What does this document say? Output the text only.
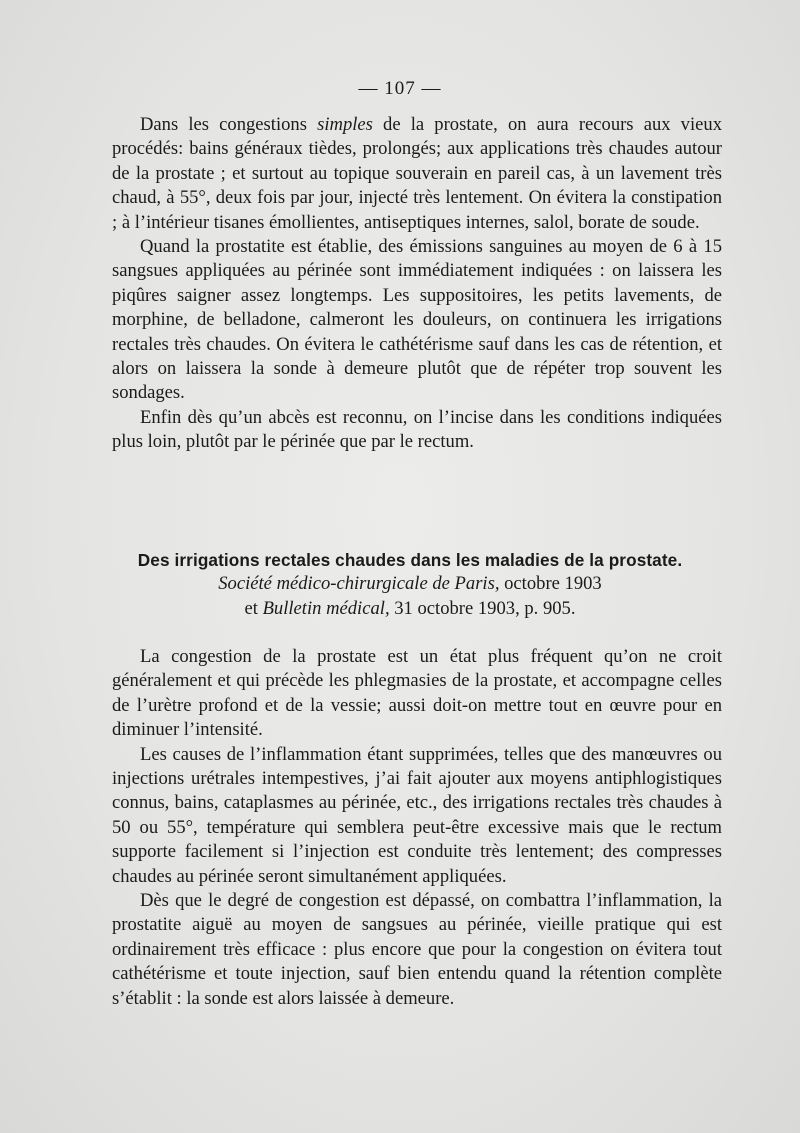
— 107 —

Dans les congestions simples de la prostate, on aura recours aux vieux procédés: bains généraux tièdes, prolongés; aux applications très chaudes autour de la prostate ; et surtout au topique souverain en pareil cas, à un lavement très chaud, à 55°, deux fois par jour, injecté très lentement. On évitera la constipation ; à l’intérieur tisanes émollientes, antiseptiques internes, salol, borate de soude.

Quand la prostatite est établie, des émissions sanguines au moyen de 6 à 15 sangsues appliquées au périnée sont immédiatement indiquées : on laissera les piqûres saigner assez longtemps. Les suppositoires, les petits lavements, de morphine, de belladone, calmeront les douleurs, on continuera les irrigations rectales très chaudes. On évitera le cathétérisme sauf dans les cas de rétention, et alors on laissera la sonde à demeure plutôt que de répéter trop souvent les sondages.

Enfin dès qu’un abcès est reconnu, on l’incise dans les conditions indiquées plus loin, plutôt par le périnée que par le rectum.

Des irrigations rectales chaudes dans les maladies de la prostate.
Société médico-chirurgicale de Paris, octobre 1903
et Bulletin médical, 31 octobre 1903, p. 905.

La congestion de la prostate est un état plus fréquent qu’on ne croit généralement et qui précède les phlegmasies de la prostate, et accompagne celles de l’urètre profond et de la vessie; aussi doit-on mettre tout en œuvre pour en diminuer l’intensité.

Les causes de l’inflammation étant supprimées, telles que des manœuvres ou injections urétrales intempestives, j’ai fait ajouter aux moyens antiphlogistiques connus, bains, cataplasmes au périnée, etc., des irrigations rectales très chaudes à 50 ou 55°, température qui semblera peut-être excessive mais que le rectum supporte facilement si l’injection est conduite très lentement; des compresses chaudes au périnée seront simultanément appliquées.

Dès que le degré de congestion est dépassé, on combattra l’inflammation, la prostatite aiguë au moyen de sangsues au périnée, vieille pratique qui est ordinairement très efficace : plus encore que pour la congestion on évitera tout cathétérisme et toute injection, sauf bien entendu quand la rétention complète s’établit : la sonde est alors laissée à demeure.
